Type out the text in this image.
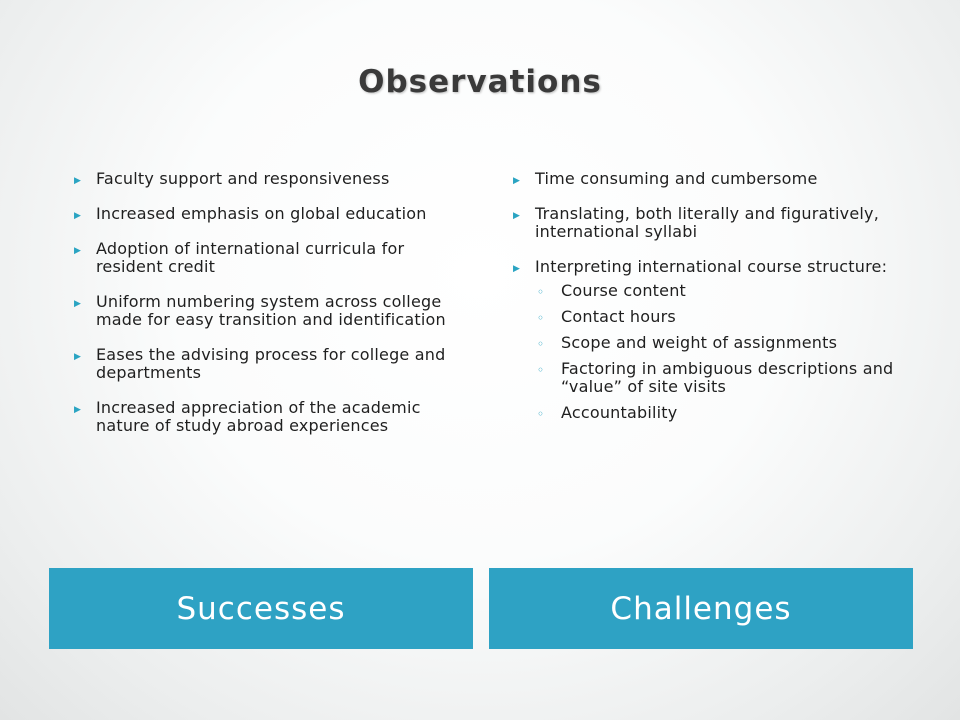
Observations
▶ Faculty support and responsiveness
▶ Increased emphasis on global education
▶ Adoption of international curricula for resident credit
▶ Uniform numbering system across college made for easy transition and identification
▶ Eases the advising process for college and departments
▶ Increased appreciation of the academic nature of study abroad experiences
▶ Time consuming and cumbersome
▶ Translating, both literally and figuratively, international syllabi
▶ Interpreting international course structure:
◦ Course content
◦ Contact hours
◦ Scope and weight of assignments
◦ Factoring in ambiguous descriptions and “value” of site visits
◦ Accountability
Successes	Challenges
